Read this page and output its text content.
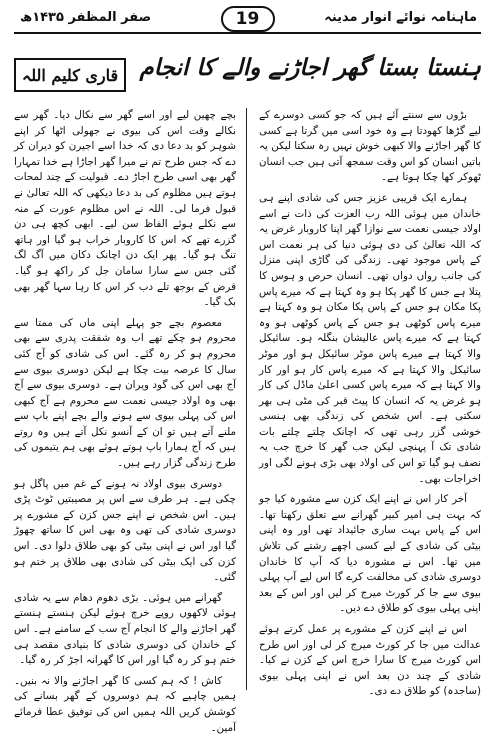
ماہنامہ نوائے انوار مدینہ
19
صفر المظفر ۱۴۳۵ھ
ہنستا بستا گھر اجاڑنے والے کا انجام
قاری کلیم اللہ

بڑوں سے سنتے آئے ہیں کہ جو کسی دوسرے کے لیے گڑھا کھودتا ہے وہ خود اسی میں گرتا ہے کسی کا گھر اجاڑنے والا کبھی خوش نہیں رہ سکتا لیکن یہ باتیں انسان کو اس وقت سمجھ آتی ہیں جب انسان ٹھوکر کھا چکا ہوتا ہے۔

ہمارے ایک قریبی عزیز جس کی شادی اپنے ہی خاندان میں ہوئی اللہ رب العزت کی ذات نے اسے اولاد جیسی نعمت سے نوازا گھر اپنا کاروبار غرض یہ کہ اللہ تعالیٰ کی دی ہوئی دنیا کی ہر نعمت اس کے پاس موجود تھی۔ زندگی کی گاڑی اپنی منزل کی جانب رواں دواں تھی۔ انسان حرص و ہوس کا پتلا ہے جس کا گھر پکا ہو وہ کہتا ہے کہ میرے پاس پکا مکان ہو جس کے پاس پکا مکان ہو وہ کہتا ہے میرے پاس کوٹھی ہو جس کے پاس کوٹھی ہو وہ کہتا ہے کہ میرے پاس عالیشان بنگلہ ہو۔ سائیکل والا کہتا ہے میرے پاس موٹر سائیکل ہو اور موٹر سائیکل والا کہتا ہے کہ میرے پاس کار ہو اور کار والا کہتا ہے کہ میرے پاس کسی اعلیٰ ماڈل کی کار ہو غرض یہ کہ انسان کا پیٹ قبر کی مٹی ہی بھر سکتی ہے۔ اس شخص کی زندگی بھی ہنسی خوشی گزر رہی تھی کہ اچانک چلتے چلتے بات شادی تک آ پہنچی لیکن جب گھر کا خرچ جب یہ نصف ہو گیا تو اس کی اولاد بھی بڑی ہونے لگی اور اخراجات بھی۔

آخر کار اس نے اپنے ایک کزن سے مشورہ کیا جو کہ بہت ہی امیر کبیر گھرانے سے تعلق رکھتا تھا۔ اس کے پاس بہت ساری جائیداد تھی اور وہ اپنی بیٹی کی شادی کے لیے کسی اچھے رشتے کی تلاش میں تھا۔ اس نے مشورہ دیا کہ آپ کا خاندان دوسری شادی کی مخالفت کرے گا اس لیے آپ پہلی بیوی سے جا کر کورٹ میرج کر لیں اور اس کے بعد اپنی پہلی بیوی کو طلاق دے دیں۔

اس نے اپنے کزن کے مشورے پر عمل کرتے ہوئے عدالت میں جا کر کورٹ میرج کر لی اور اس طرح اس کورٹ میرج کا سارا خرچ اس کے کزن نے کیا۔ شادی کے چند دن بعد اس نے اپنی پہلی بیوی (ساجدہ) کو طلاق دے دی۔

بچے چھین لیے اور اسے گھر سے نکال دیا۔ گھر سے نکالے وقت اس کی بیوی نے جھولی اٹھا کر اپنے شوہر کو بد دعا دی کہ خدا اسے اجیرن کو دیران کر دے کہ جس طرح تم نے میرا گھر اجاڑا ہے خدا تمہارا گھر بھی اسی طرح اجاڑ دے۔ قبولیت کے چند لمحات ہوتے ہیں مظلوم کی بد دعا دیکھی کہ اللہ تعالیٰ نے قبول فرما لی۔ اللہ نے اس مظلوم عورت کے منہ سے نکلے ہوئے الفاظ سن لیے۔ ابھی کچھ ہی دن گزرے تھے کہ اس کا کاروبار خراب ہو گیا اور ہاتھ تنگ ہو گیا۔ پھر ایک دن اچانک دکان میں آگ لگ گئی جس سے سارا سامان جل کر راکھ ہو گیا۔ قرض کے بوجھ تلے دب کر اس کا رہا سہا گھر بھی بک گیا۔

معصوم بچے جو پہلے اپنی ماں کی ممتا سے محروم ہو چکے تھے اب وہ شفقت پدری سے بھی محروم ہو کر رہ گئے۔ اس کی شادی کو آج کئی سال کا عرصہ بیت چکا ہے لیکن دوسری بیوی سے آج بھی اس کی گود ویران ہے۔ دوسری بیوی سے آج بھی وہ اولاد جیسی نعمت سے محروم ہے آج کبھی اس کی پہلی بیوی سے ہونے والے بچے اپنے باپ سے ملنے آتے ہیں تو ان کے آنسو نکل آتے ہیں وہ روتے ہیں کہ آج ہمارا باپ ہوتے ہوئے بھی ہم یتیموں کی طرح زندگی گزار رہے ہیں۔

دوسری بیوی اولاد نہ ہونے کے غم میں پاگل ہو چکی ہے۔ ہر طرف سے اس پر مصیبتیں ٹوٹ پڑی ہیں۔ اس شخص نے اپنے جس کزن کے مشورے پر دوسری شادی کی تھی وہ بھی اس کا ساتھ چھوڑ گیا اور اس نے اپنی بیٹی کو بھی طلاق دلوا دی۔ اس کزن کی ایک بیٹی کی شادی بھی طلاق پر ختم ہو گئی۔

گھرانے میں ہوئی۔ بڑی دھوم دھام سے یہ شادی ہوئی لاکھوں روپے خرچ ہوئے لیکن ہنستے ہنستے گھر اجاڑنے والے کا انجام آج سب کے سامنے ہے۔ اس کے خاندان کی دوسری شادی کا بنیادی مقصد ہی ختم ہو کر رہ گیا اور اس کا گھرانہ اجڑ کر رہ گیا۔

کاش ! کہ ہم کسی کا گھر اجاڑنے والا نہ بنیں۔ ہمیں چاہیے کہ ہم دوسروں کے گھر بسانے کی کوشش کریں اللہ ہمیں اس کی توفیق عطا فرمائے آمین۔
